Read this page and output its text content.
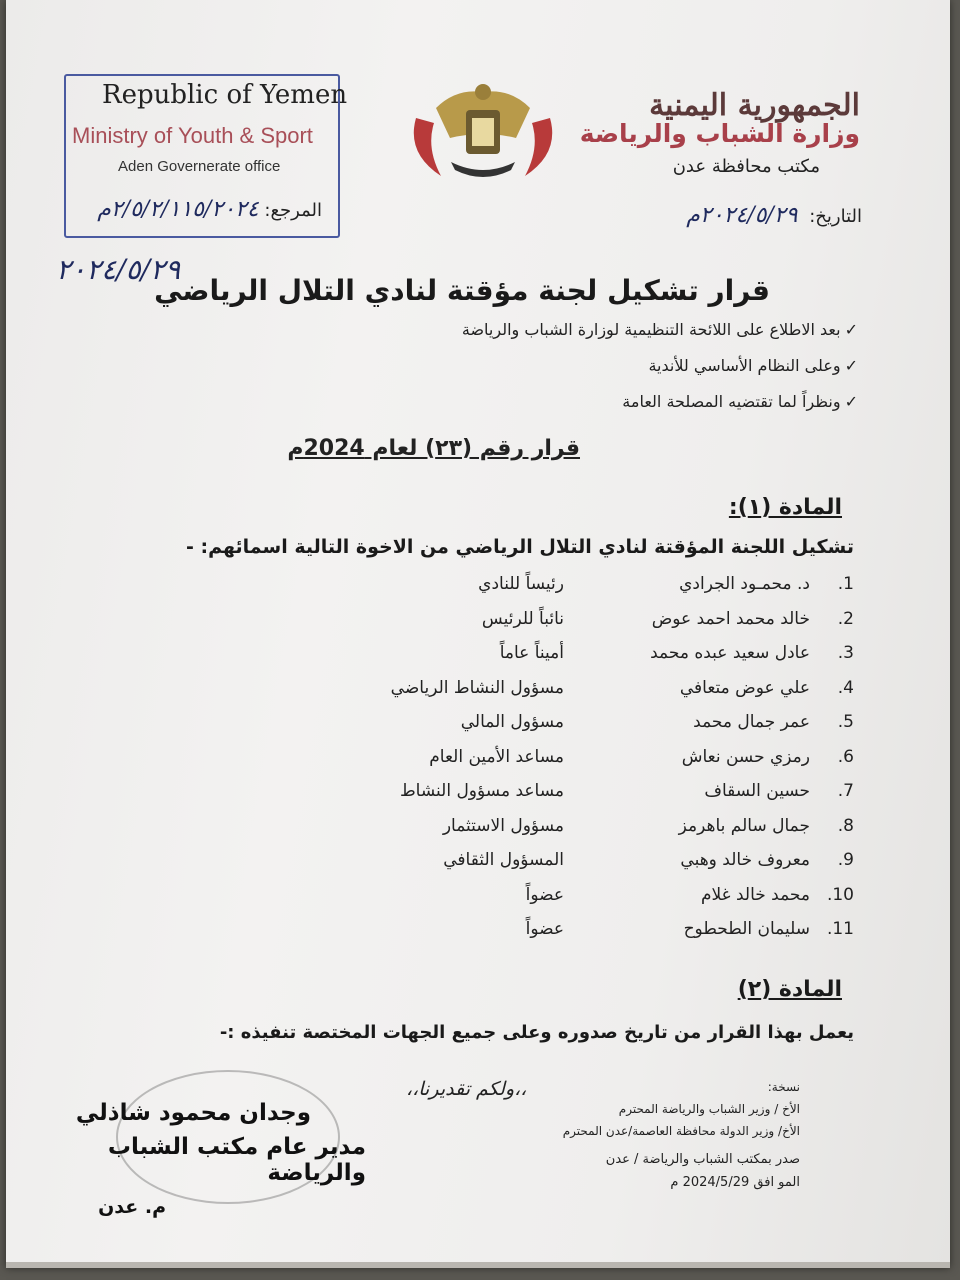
Republic of Yemen
Ministry of Youth & Sport
Aden Governerate office
المرجع: ٢/٥/٢/١١٥/٢٠٢٤م
٢٠٢٤/٥/٢٩
الجمهورية اليمنية
وزارة الشباب والرياضة
مكتب محافظة عدن
التاريخ: ٢٠٢٤/٥/٢٩م
قرار تشكيل لجنة مؤقتة لنادي التلال الرياضي
✓بعد الاطلاع على اللائحة التنظيمية لوزارة الشباب والرياضة
✓وعلى النظام الأساسي للأندية
✓ونظراً لما تقتضيه المصلحة العامة
قرار رقم (٢٣) لعام 2024م
المادة (١):
تشكيل اللجنة المؤقتة لنادي التلال الرياضي من الاخوة التالية اسمائهم: -
1.
د. محمـود الجرادي
رئيساً للنادي
2.
خالد محمد احمد عوض
نائباً للرئيس
3.
عادل سعيد عبده محمد
أميناً عاماً
4.
علي عوض متعافي
مسؤول النشاط الرياضي
5.
عمر جمال محمد
مسؤول المالي
6.
رمزي حسن نعاش
مساعد الأمين العام
7.
حسين السقاف
مساعد مسؤول النشاط
8.
جمال سالم باهرمز
مسؤول الاستثمار
9.
معروف خالد وهبي
المسؤول الثقافي
10.
محمد خالد غلام
عضواً
11.
سليمان الطحطوح
عضواً
المادة (٢)
يعمل بهذا القرار من تاريخ صدوره وعلى جميع الجهات المختصة تنفيذه :-
،،ولكم تقديرنا،،	نسخة:
الأخ / وزير الشباب والرياضة المحترم
الأخ/ وزير الدولة محافظة العاصمة/عدن المحترم
صدر بمكتب الشباب والرياضة / عدن
المو افق 2024/5/29 م
وجدان محمود شاذلي
مدير عام مكتب الشباب والرياضة
م. عدن
